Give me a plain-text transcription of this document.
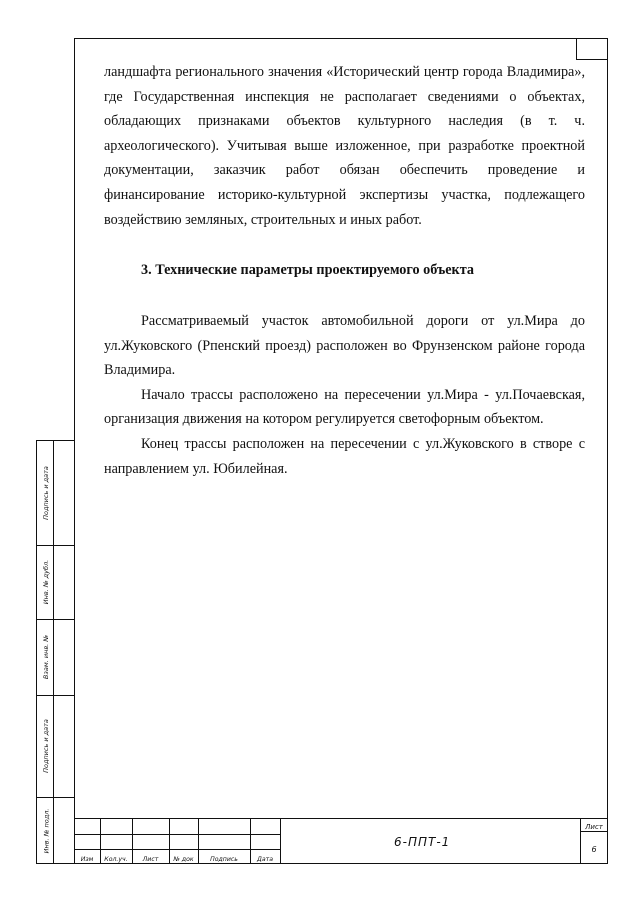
ландшафта регионального значения «Исторический центр города Владимира», где Государственная инспекция не располагает сведениями о объектах, обладающих признаками объектов культурного наследия (в т. ч. археологического). Учитывая выше изложенное, при разработке проектной документации, заказчик работ обязан обеспечить проведение и финансирование историко-культурной экспертизы участка, подлежащего воздействию земляных, строительных и иных работ.

3. Технические параметры проектируемого объекта

Рассматриваемый участок автомобильной дороги от ул.Мира до ул.Жуковского (Рпенский проезд) расположен во Фрунзенском районе города Владимира.

Начало трассы расположено на пересечении ул.Мира - ул.Почаевская, организация движения на котором регулируется светофорным объектом.

Конец трассы расположен на пересечении с ул.Жуковского в створе с направлением ул. Юбилейная.

Подпись и дата
Инв. № дубл.
Взам. инв. №
Подпись и дата
Инв. № подл.
Изм	Кол.уч.	Лист	№ док	Подпись	Дата
6-ППТ-1
Лист
6
